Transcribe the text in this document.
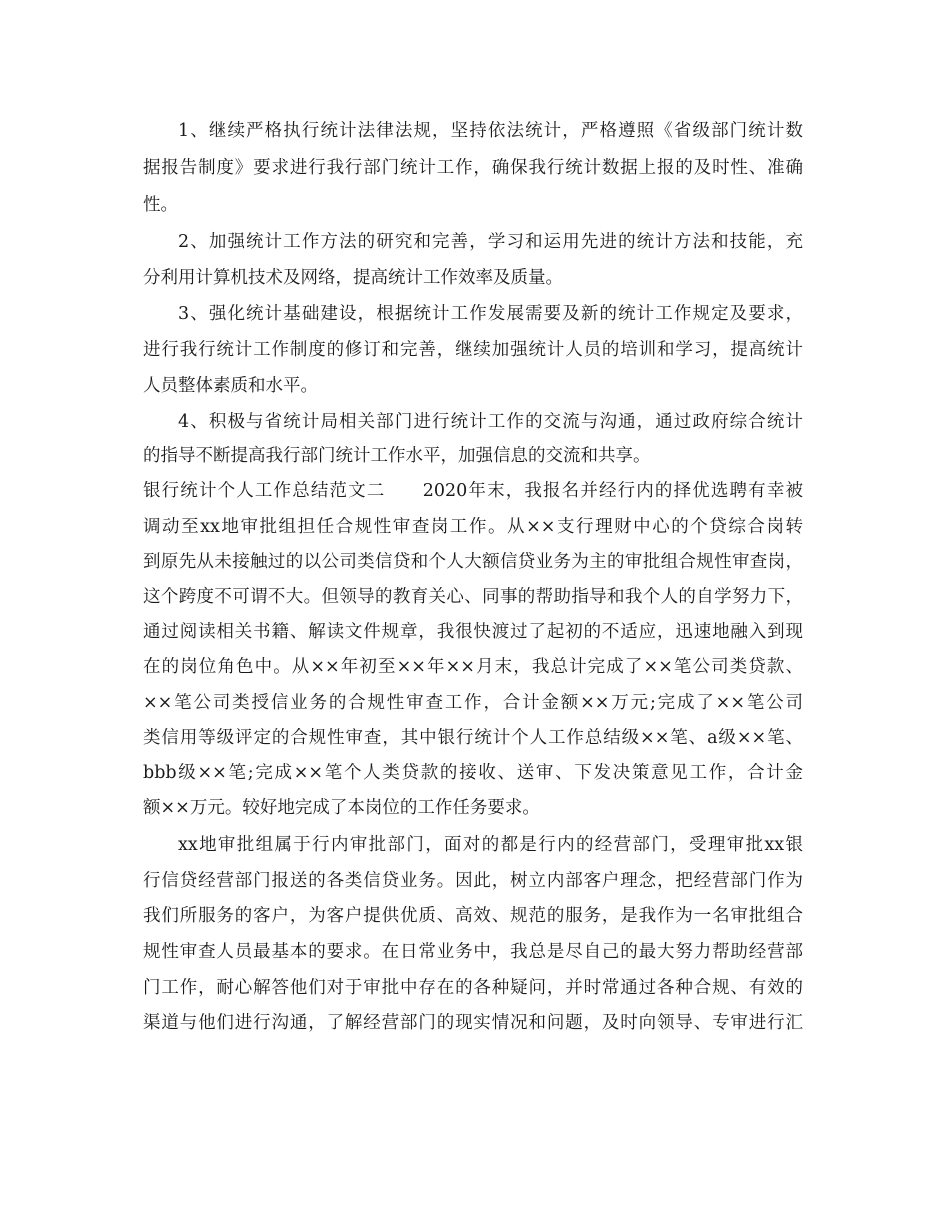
1、继续严格执行统计法律法规，坚持依法统计，严格遵照《省级部门统计数
据报告制度》要求进行我行部门统计工作，确保我行统计数据上报的及时性、准确
性。
2、加强统计工作方法的研究和完善，学习和运用先进的统计方法和技能，充
分利用计算机技术及网络，提高统计工作效率及质量。
3、强化统计基础建设，根据统计工作发展需要及新的统计工作规定及要求，
进行我行统计工作制度的修订和完善，继续加强统计人员的培训和学习，提高统计
人员整体素质和水平。
4、积极与省统计局相关部门进行统计工作的交流与沟通，通过政府综合统计
的指导不断提高我行部门统计工作水平，加强信息的交流和共享。
银行统计个人工作总结范文二　　2020年末，我报名并经行内的择优选聘有幸被
调动至xx地审批组担任合规性审查岗工作。从××支行理财中心的个贷综合岗转
到原先从未接触过的以公司类信贷和个人大额信贷业务为主的审批组合规性审查岗，
这个跨度不可谓不大。但领导的教育关心、同事的帮助指导和我个人的自学努力下，
通过阅读相关书籍、解读文件规章，我很快渡过了起初的不适应，迅速地融入到现
在的岗位角色中。从××年初至××年××月末，我总计完成了××笔公司类贷款、
××笔公司类授信业务的合规性审查工作，合计金额××万元;完成了××笔公司
类信用等级评定的合规性审查，其中银行统计个人工作总结级××笔、a级××笔、
bbb级××笔;完成××笔个人类贷款的接收、送审、下发决策意见工作，合计金
额××万元。较好地完成了本岗位的工作任务要求。
xx地审批组属于行内审批部门，面对的都是行内的经营部门，受理审批xx银
行信贷经营部门报送的各类信贷业务。因此，树立内部客户理念，把经营部门作为
我们所服务的客户，为客户提供优质、高效、规范的服务，是我作为一名审批组合
规性审查人员最基本的要求。在日常业务中，我总是尽自己的最大努力帮助经营部
门工作，耐心解答他们对于审批中存在的各种疑问，并时常通过各种合规、有效的
渠道与他们进行沟通，了解经营部门的现实情况和问题，及时向领导、专审进行汇
